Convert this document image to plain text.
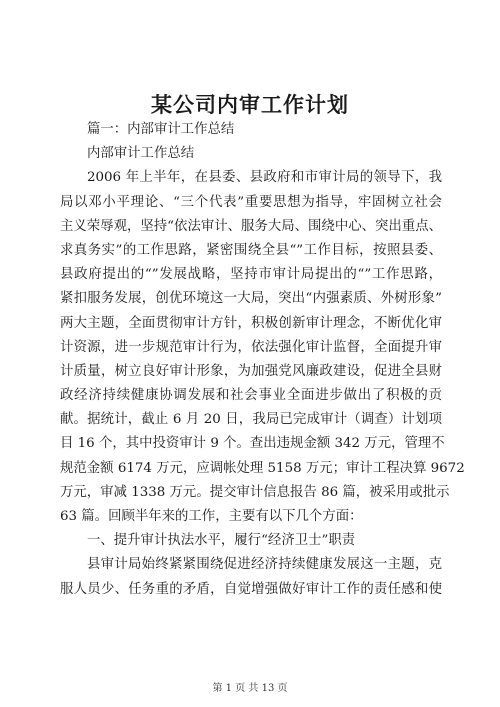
某公司内审工作计划
篇一：内部审计工作总结
内部审计工作总结
2006 年上半年，在县委、县政府和市审计局的领导下，我
局以邓小平理论、“三个代表”重要思想为指导，牢固树立社会
主义荣辱观，坚持“依法审计、服务大局、围绕中心、突出重点、
求真务实”的工作思路，紧密围绕全县“”工作目标，按照县委、
县政府提出的“”发展战略，坚持市审计局提出的“”工作思路，
紧扣服务发展，创优环境这一大局，突出“内强素质、外树形象”
两大主题，全面贯彻审计方针，积极创新审计理念，不断优化审
计资源，进一步规范审计行为，依法强化审计监督，全面提升审
计质量，树立良好审计形象，为加强党风廉政建设，促进全县财
政经济持续健康协调发展和社会事业全面进步做出了积极的贡
献。据统计，截止 6 月 20 日，我局已完成审计（调查）计划项
目 16 个，其中投资审计 9 个。查出违规金额 342 万元，管理不
规范金额 6174 万元，应调帐处理 5158 万元；审计工程决算 9672
万元，审减 1338 万元。提交审计信息报告 86 篇，被采用或批示
63 篇。回顾半年来的工作，主要有以下几个方面：
一、提升审计执法水平，履行“经济卫士”职责
县审计局始终紧紧围绕促进经济持续健康发展这一主题，克
服人员少、任务重的矛盾，自觉增强做好审计工作的责任感和使
第 1 页 共 13 页
